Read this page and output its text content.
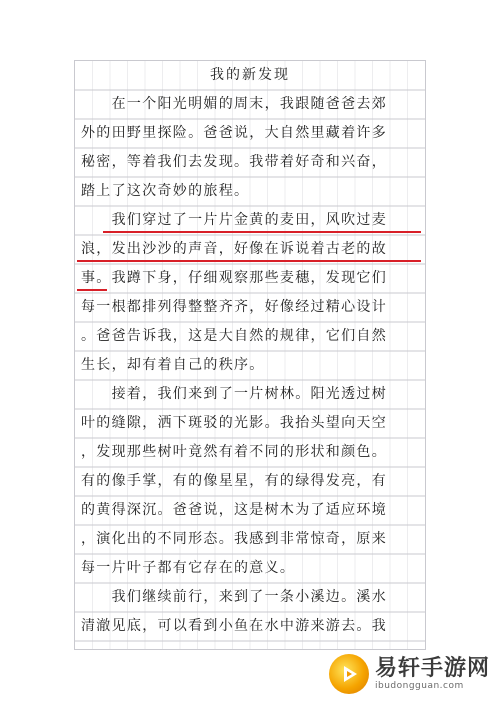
我的新发现
　　在一个阳光明媚的周末，我跟随爸爸去郊
外的田野里探险。爸爸说，大自然里藏着许多
秘密，等着我们去发现。我带着好奇和兴奋，
踏上了这次奇妙的旅程。
　　我们穿过了一片片金黄的麦田，风吹过麦
浪，发出沙沙的声音，好像在诉说着古老的故
事。我蹲下身，仔细观察那些麦穗，发现它们
每一根都排列得整整齐齐，好像经过精心设计
。爸爸告诉我，这是大自然的规律，它们自然
生长，却有着自己的秩序。
　　接着，我们来到了一片树林。阳光透过树
叶的缝隙，洒下斑驳的光影。我抬头望向天空
，发现那些树叶竟然有着不同的形状和颜色。
有的像手掌，有的像星星，有的绿得发亮，有
的黄得深沉。爸爸说，这是树木为了适应环境
，演化出的不同形态。我感到非常惊奇，原来
每一片叶子都有它存在的意义。
　　我们继续前行，来到了一条小溪边。溪水
清澈见底，可以看到小鱼在水中游来游去。我
易轩手游网
ibudongguan.com
